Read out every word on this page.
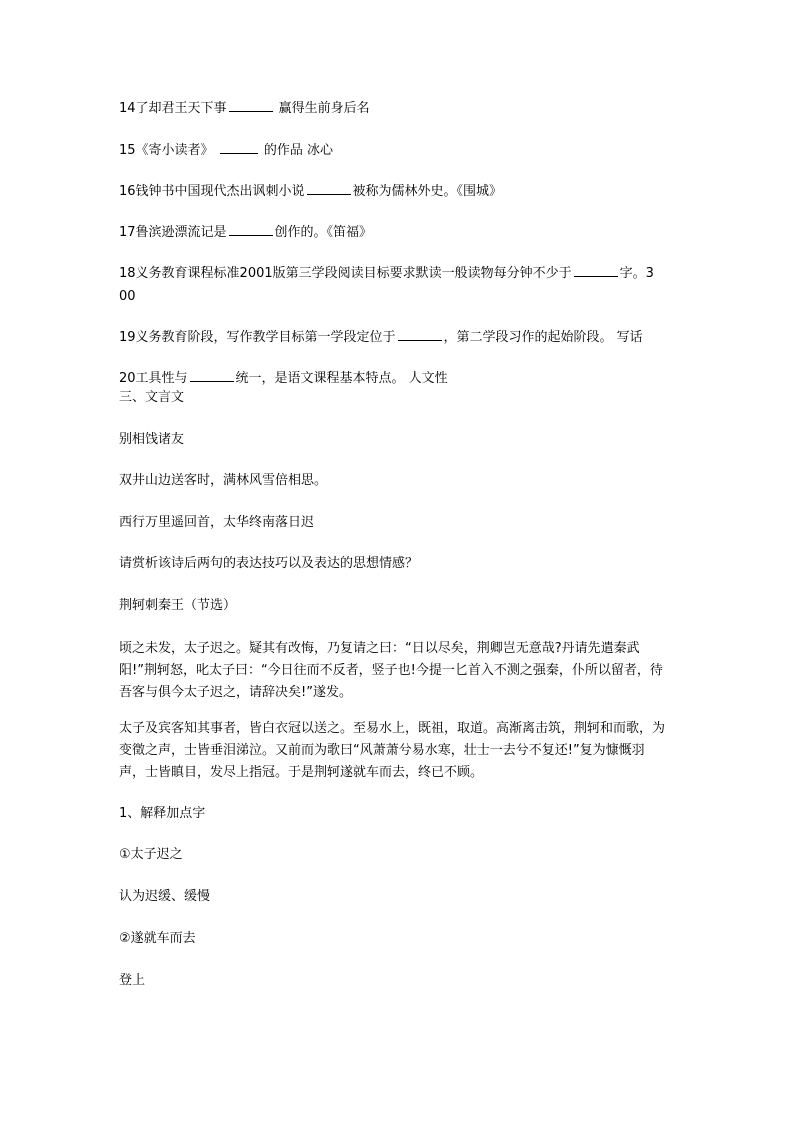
14了却君王天下事	赢得生前身后名
15《寄小读者》	的作品 冰心
16钱钟书中国现代杰出讽刺小说	被称为儒林外史。《围城》
17鲁滨逊漂流记是	创作的。《笛福》
18义务教育课程标准2001版第三学段阅读目标要求默读一般读物每分钟不少于	字。3
00
19义务教育阶段，写作教学目标第一学段定位于	，第二学段习作的起始阶段。 写话
20工具性与	统一，是语文课程基本特点。 人文性
三、文言文
别相饯诸友
双井山边送客时，满林风雪倍相思。
西行万里遥回首，太华终南落日迟
请赏析该诗后两句的表达技巧以及表达的思想情感？
荆轲刺秦王（节选）
顷之未发，太子迟之。疑其有改悔，乃复请之曰：“日以尽矣，荆卿岂无意哉?丹请先遣秦武阳!”荆轲怒，叱太子曰：“今日往而不反者，竖子也!今提一匕首入不测之强秦，仆所以留者，待吾客与俱今太子迟之，请辞决矣!”遂发。
太子及宾客知其事者，皆白衣冠以送之。至易水上，既祖，取道。高渐离击筑，荆轲和而歌，为变徵之声，士皆垂泪涕泣。又前而为歌曰“风萧萧兮易水寒，壮士一去兮不复还!”复为慷慨羽声，士皆瞋目，发尽上指冠。于是荆轲遂就车而去，终已不顾。
1、解释加点字
①太子迟之
认为迟缓、缓慢
②遂就车而去
登上
